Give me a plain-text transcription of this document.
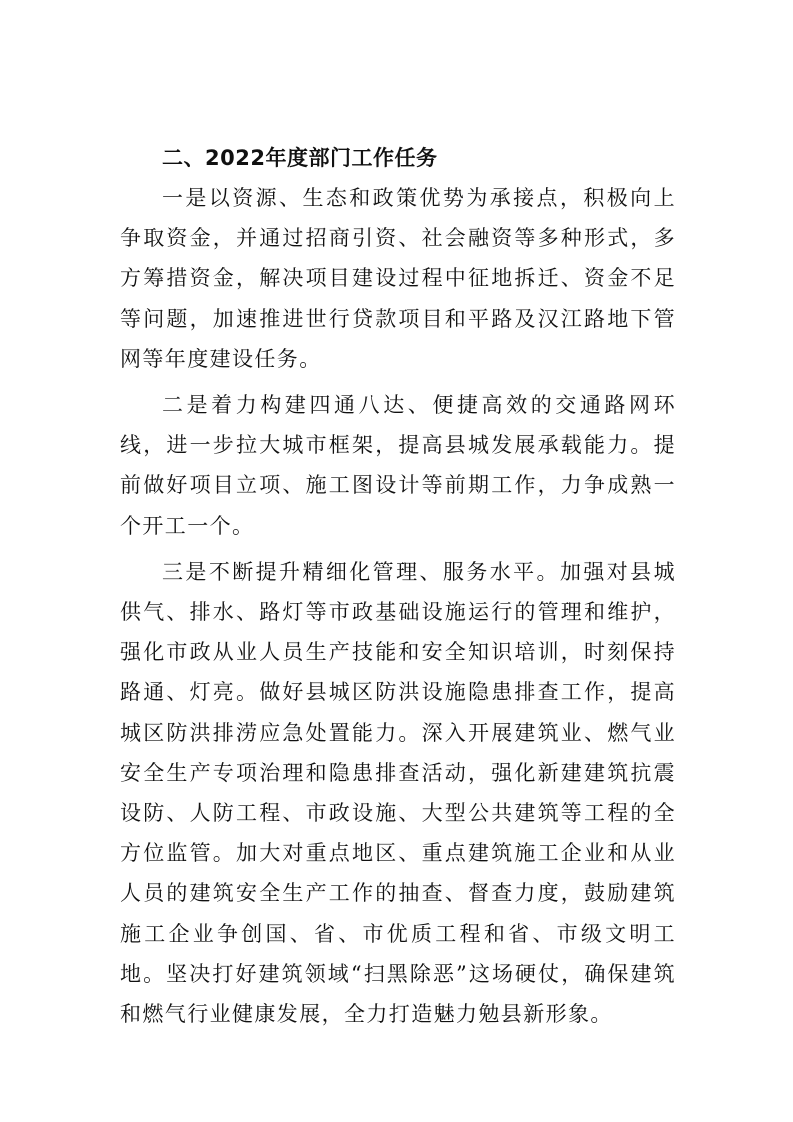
二、2022年度部门工作任务

一是以资源、生态和政策优势为承接点，积极向上争取资金，并通过招商引资、社会融资等多种形式，多方筹措资金，解决项目建设过程中征地拆迁、资金不足等问题，加速推进世行贷款项目和平路及汉江路地下管网等年度建设任务。

二是着力构建四通八达、便捷高效的交通路网环线，进一步拉大城市框架，提高县城发展承载能力。提前做好项目立项、施工图设计等前期工作，力争成熟一个开工一个。

三是不断提升精细化管理、服务水平。加强对县城供气、排水、路灯等市政基础设施运行的管理和维护，强化市政从业人员生产技能和安全知识培训，时刻保持路通、灯亮。做好县城区防洪设施隐患排查工作，提高城区防洪排涝应急处置能力。深入开展建筑业、燃气业安全生产专项治理和隐患排查活动，强化新建建筑抗震设防、人防工程、市政设施、大型公共建筑等工程的全方位监管。加大对重点地区、重点建筑施工企业和从业人员的建筑安全生产工作的抽查、督查力度，鼓励建筑施工企业争创国、省、市优质工程和省、市级文明工地。坚决打好建筑领域“扫黑除恶”这场硬仗，确保建筑和燃气行业健康发展，全力打造魅力勉县新形象。
